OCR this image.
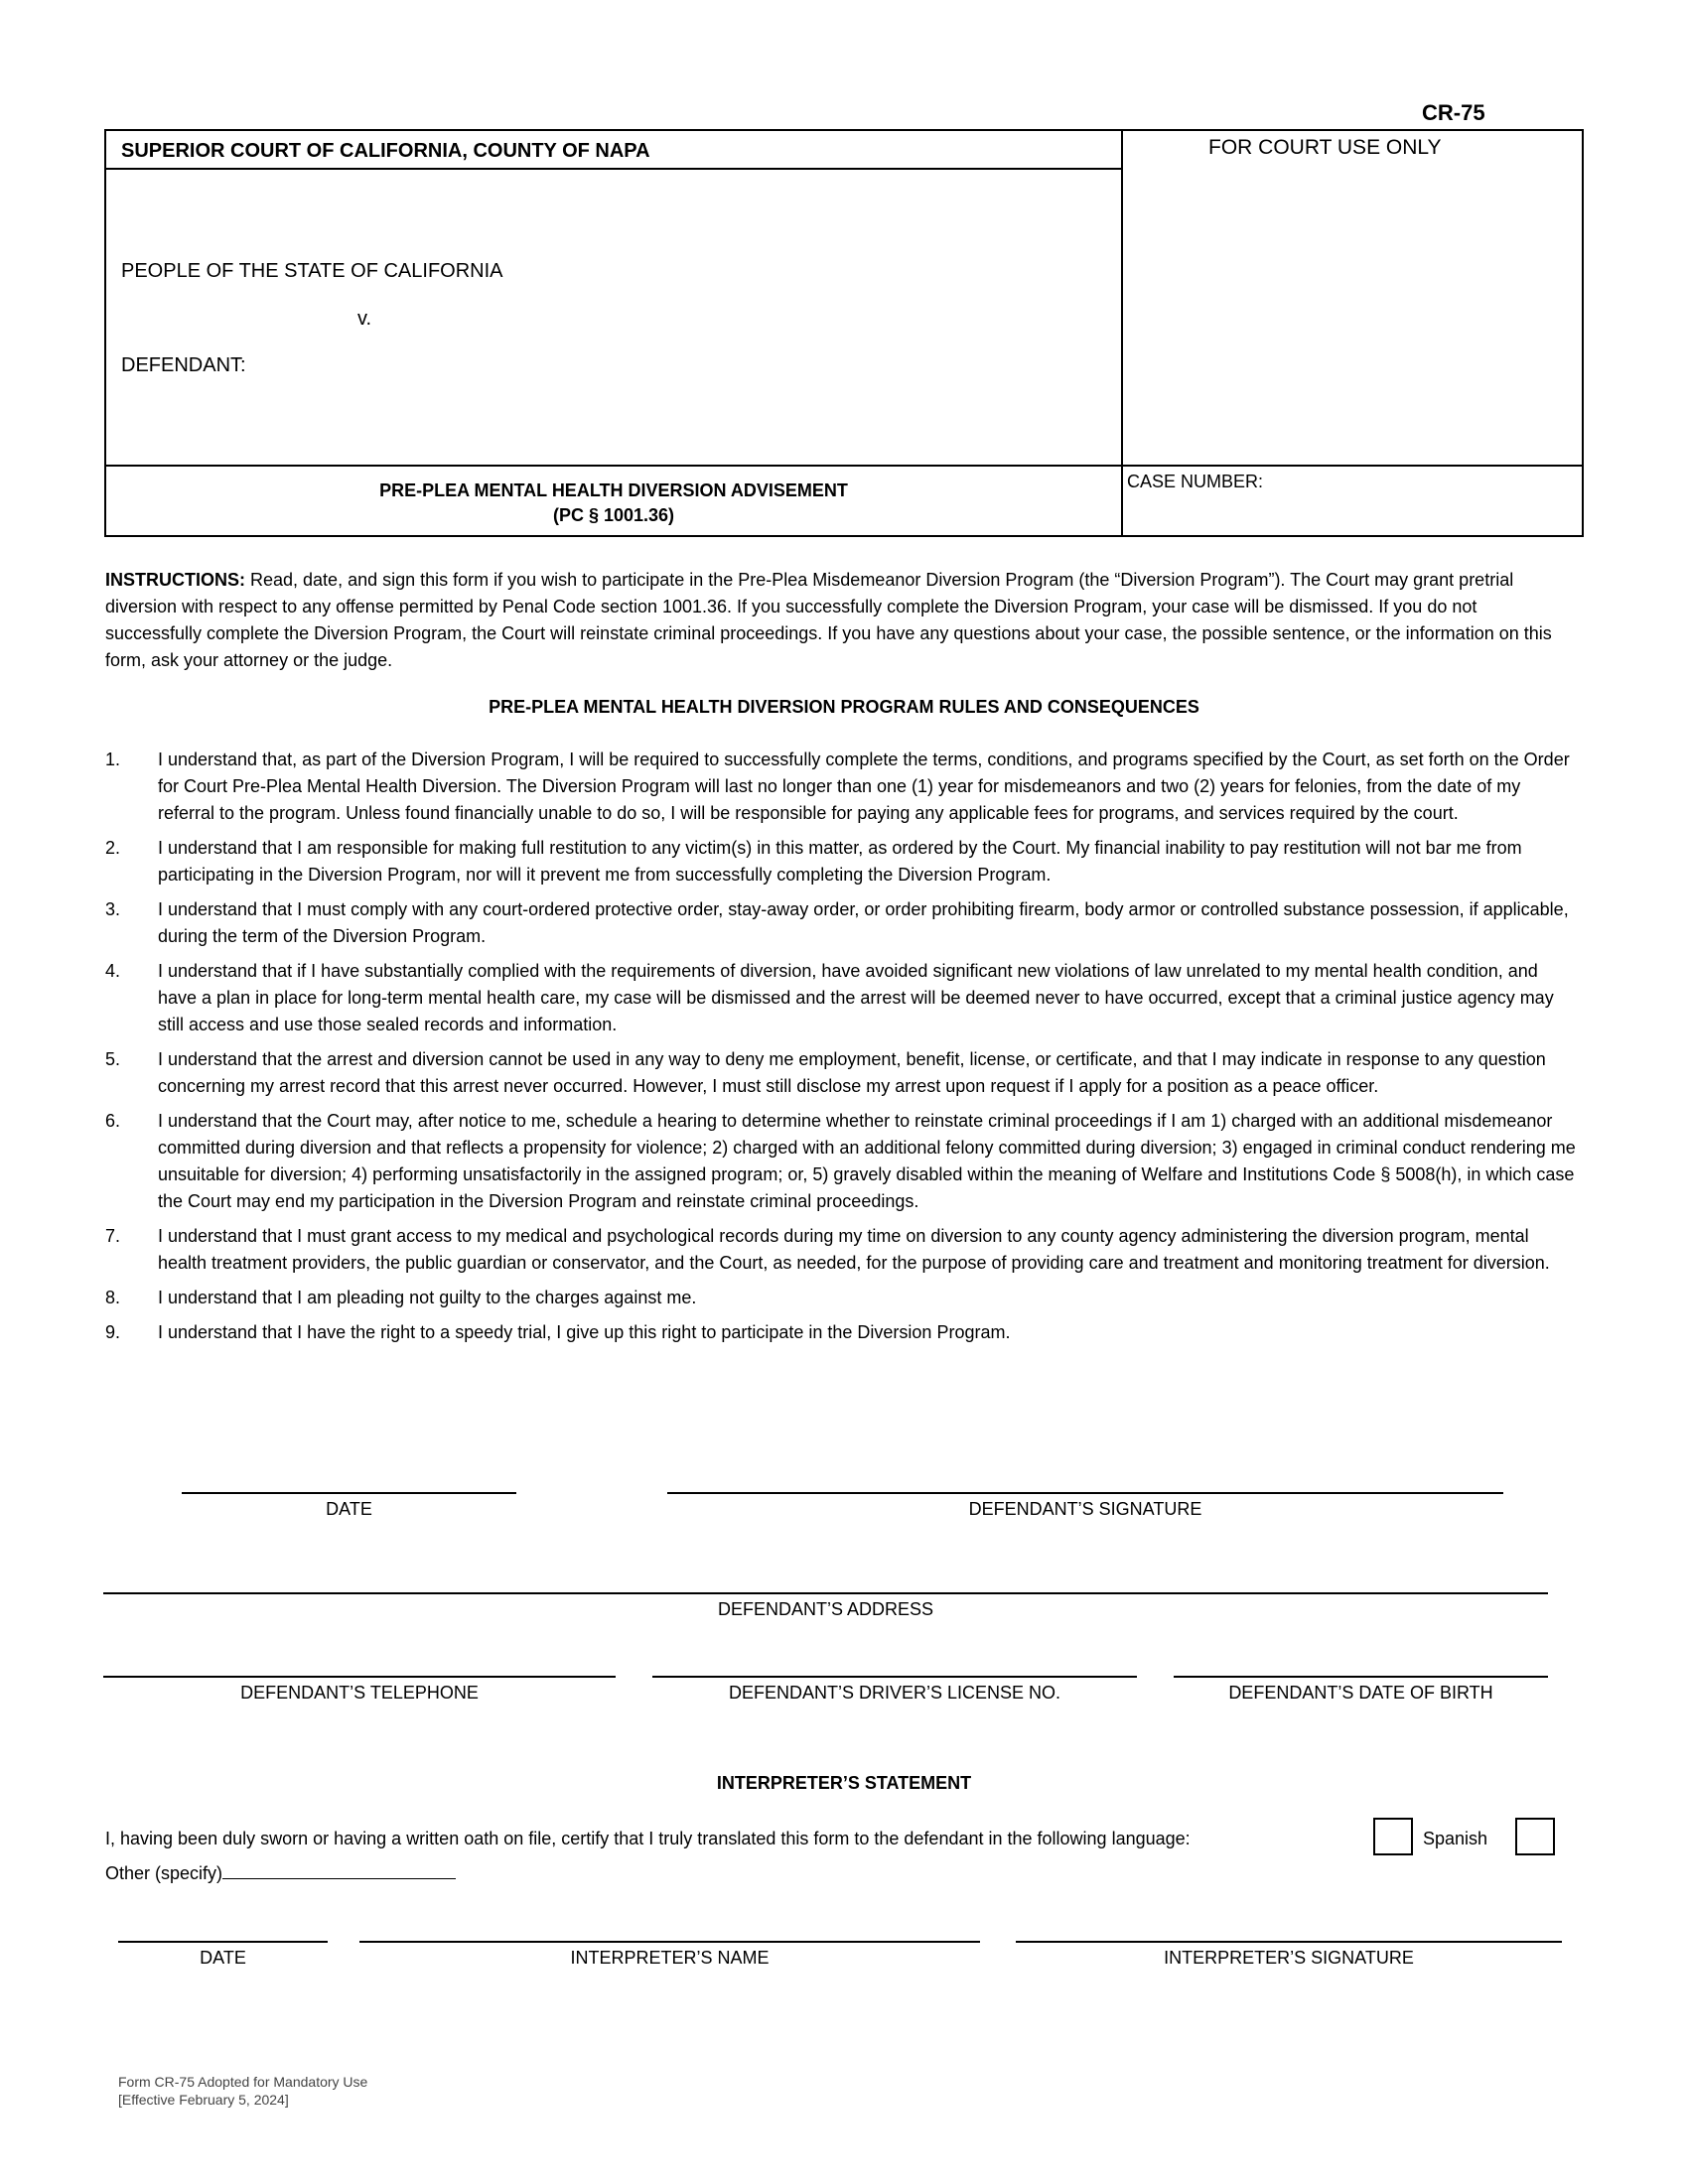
CR-75
SUPERIOR COURT OF CALIFORNIA, COUNTY OF NAPA	FOR COURT USE ONLY
PEOPLE OF THE STATE OF CALIFORNIA
v.
DEFENDANT:
PRE-PLEA MENTAL HEALTH DIVERSION ADVISEMENT
(PC § 1001.36)
CASE NUMBER:
INSTRUCTIONS: Read, date, and sign this form if you wish to participate in the Pre-Plea Misdemeanor Diversion Program (the “Diversion Program”). The Court may grant pretrial diversion with respect to any offense permitted by Penal Code section 1001.36. If you successfully complete the Diversion Program, your case will be dismissed. If you do not successfully complete the Diversion Program, the Court will reinstate criminal proceedings. If you have any questions about your case, the possible sentence, or the information on this form, ask your attorney or the judge.
PRE-PLEA MENTAL HEALTH DIVERSION PROGRAM RULES AND CONSEQUENCES
1. I understand that, as part of the Diversion Program, I will be required to successfully complete the terms, conditions, and programs specified by the Court, as set forth on the Order for Court Pre-Plea Mental Health Diversion. The Diversion Program will last no longer than one (1) year for misdemeanors and two (2) years for felonies, from the date of my referral to the program. Unless found financially unable to do so, I will be responsible for paying any applicable fees for programs, and services required by the court.
2. I understand that I am responsible for making full restitution to any victim(s) in this matter, as ordered by the Court. My financial inability to pay restitution will not bar me from participating in the Diversion Program, nor will it prevent me from successfully completing the Diversion Program.
3. I understand that I must comply with any court-ordered protective order, stay-away order, or order prohibiting firearm, body armor or controlled substance possession, if applicable, during the term of the Diversion Program.
4. I understand that if I have substantially complied with the requirements of diversion, have avoided significant new violations of law unrelated to my mental health condition, and have a plan in place for long-term mental health care, my case will be dismissed and the arrest will be deemed never to have occurred, except that a criminal justice agency may still access and use those sealed records and information.
5. I understand that the arrest and diversion cannot be used in any way to deny me employment, benefit, license, or certificate, and that I may indicate in response to any question concerning my arrest record that this arrest never occurred. However, I must still disclose my arrest upon request if I apply for a position as a peace officer.
6. I understand that the Court may, after notice to me, schedule a hearing to determine whether to reinstate criminal proceedings if I am 1) charged with an additional misdemeanor committed during diversion and that reflects a propensity for violence; 2) charged with an additional felony committed during diversion; 3) engaged in criminal conduct rendering me unsuitable for diversion; 4) performing unsatisfactorily in the assigned program; or, 5) gravely disabled within the meaning of Welfare and Institutions Code § 5008(h), in which case the Court may end my participation in the Diversion Program and reinstate criminal proceedings.
7. I understand that I must grant access to my medical and psychological records during my time on diversion to any county agency administering the diversion program, mental health treatment providers, the public guardian or conservator, and the Court, as needed, for the purpose of providing care and treatment and monitoring treatment for diversion.
8. I understand that I am pleading not guilty to the charges against me.
9. I understand that I have the right to a speedy trial, I give up this right to participate in the Diversion Program.
DATE	DEFENDANT’S SIGNATURE
DEFENDANT’S ADDRESS
DEFENDANT’S TELEPHONE	DEFENDANT’S DRIVER’S LICENSE NO.	DEFENDANT’S DATE OF BIRTH
INTERPRETER’S STATEMENT
I, having been duly sworn or having a written oath on file, certify that I truly translated this form to the defendant in the following language:	Spanish
Other (specify)
DATE	INTERPRETER’S NAME	INTERPRETER’S SIGNATURE
Form CR-75 Adopted for Mandatory Use
[Effective February 5, 2024]
